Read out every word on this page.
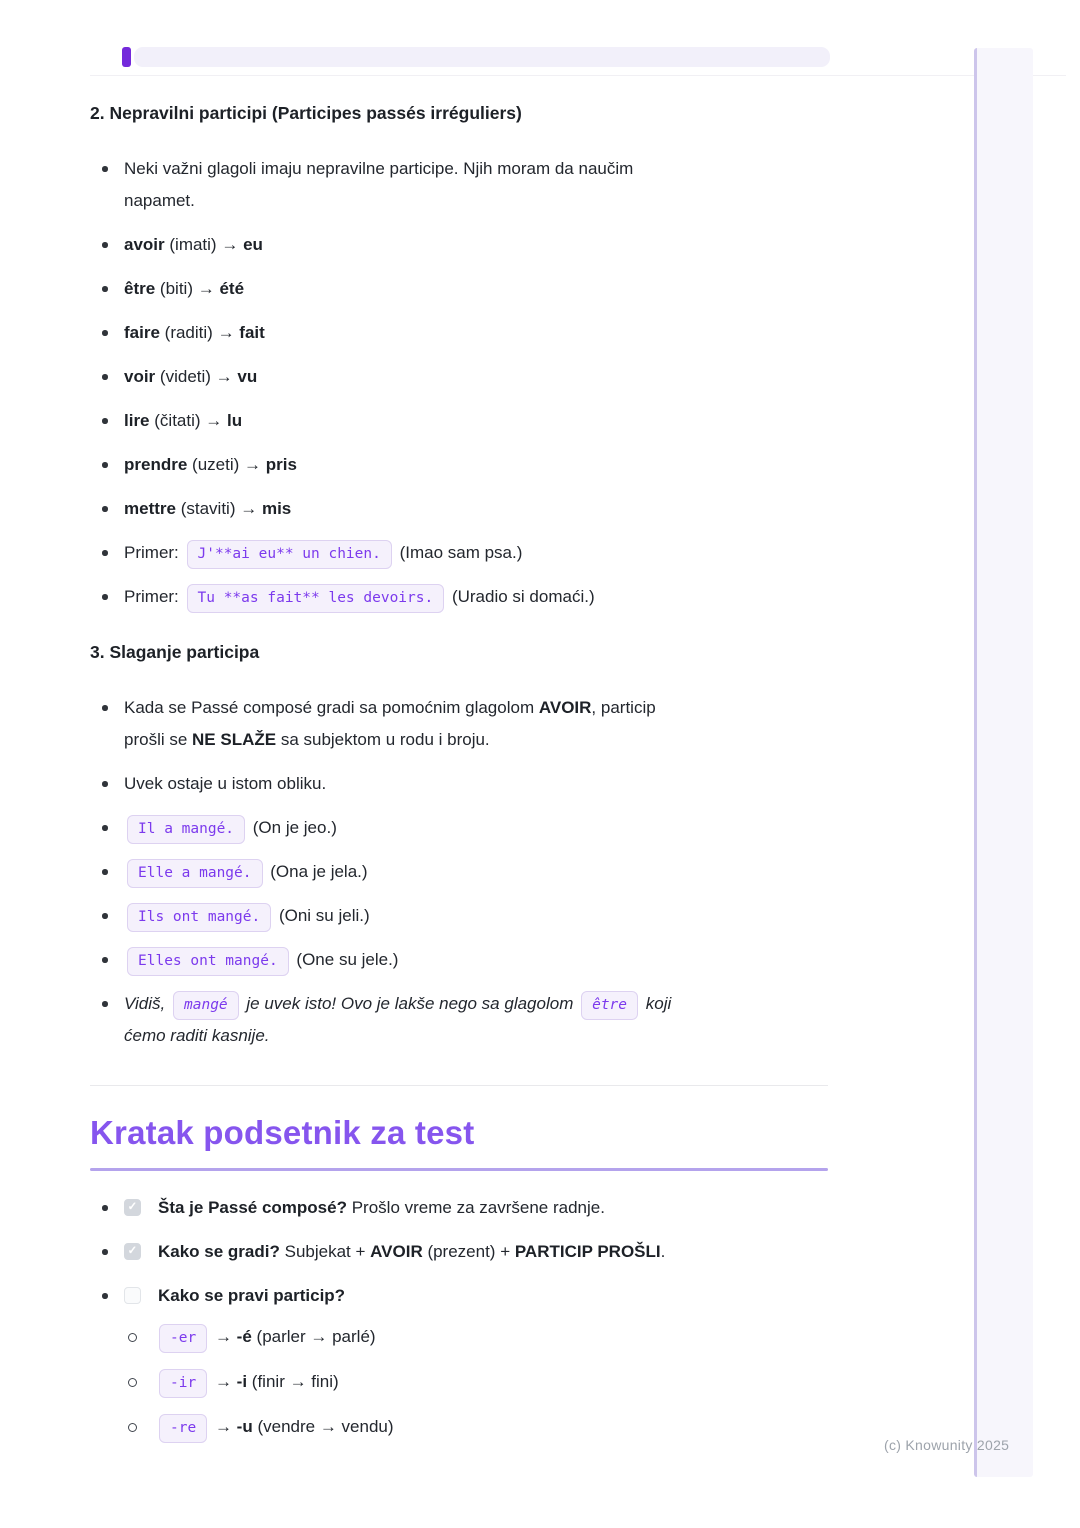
2. Nepravilni participi (Participes passés irréguliers)
Neki važni glagoli imaju nepravilne participe. Njih moram da naučim
napamet.
avoir (imati) → eu
être (biti) → été
faire (raditi) → fait
voir (videti) → vu
lire (čitati) → lu
prendre (uzeti) → pris
mettre (staviti) → mis
Primer: J'**ai eu** un chien. (Imao sam psa.)
Primer: Tu **as fait** les devoirs. (Uradio si domaći.)
3. Slaganje participa
Kada se Passé composé gradi sa pomoćnim glagolom AVOIR, particip
prošli se NE SLAŽE sa subjektom u rodu i broju.
Uvek ostaje u istom obliku.
Il a mangé. (On je jeo.)
Elle a mangé. (Ona je jela.)
Ils ont mangé. (Oni su jeli.)
Elles ont mangé. (One su jele.)
Vidiš, mangé je uvek isto! Ovo je lakše nego sa glagolom être koji
ćemo raditi kasnije.
Kratak podsetnik za test
✓ Šta je Passé composé? Prošlo vreme za završene radnje.
✓ Kako se gradi? Subjekat + AVOIR (prezent) + PARTICIP PROŠLI.
Kako se pravi particip?
-er → -é (parler → parlé)
-ir → -i (finir → fini)
-re → -u (vendre → vendu)
(c) Knowunity 2025
